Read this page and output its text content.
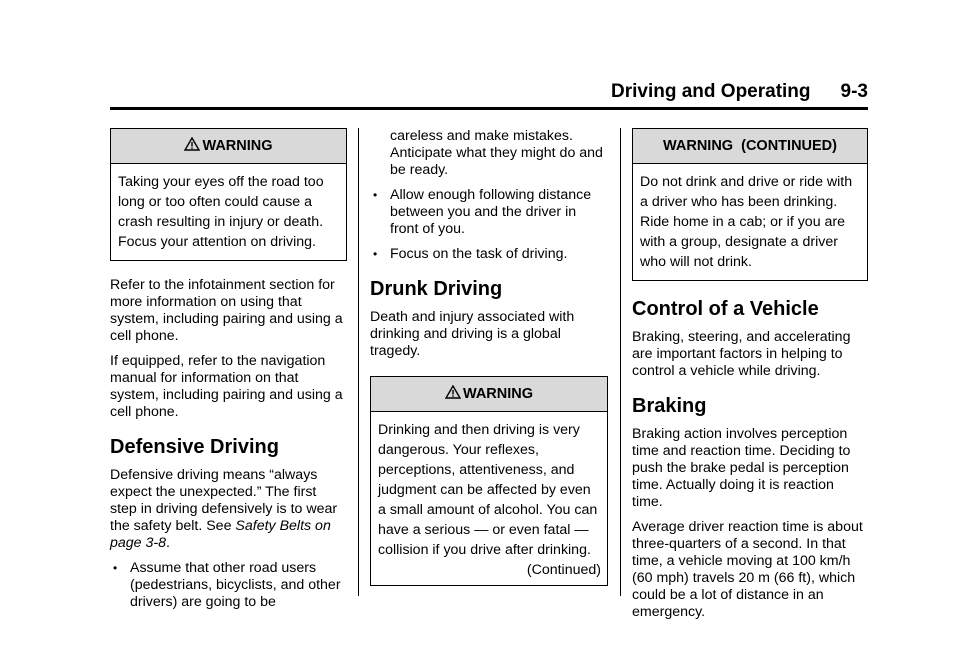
Driving and Operating 9-3
WARNING
Taking your eyes off the road too long or too often could cause a crash resulting in injury or death. Focus your attention on driving.

Refer to the infotainment section for more information on using that system, including pairing and using a cell phone.

If equipped, refer to the navigation manual for information on that system, including pairing and using a cell phone.

Defensive Driving

Defensive driving means “always expect the unexpected.” The first step in driving defensively is to wear the safety belt. See Safety Belts on page 3-8.

• Assume that other road users (pedestrians, bicyclists, and other drivers) are going to be
careless and make mistakes. Anticipate what they might do and be ready.
• Allow enough following distance between you and the driver in front of you.
• Focus on the task of driving.
Drunk Driving

Death and injury associated with drinking and driving is a global tragedy.

WARNING
Drinking and then driving is very dangerous. Your reflexes, perceptions, attentiveness, and judgment can be affected by even a small amount of alcohol. You can have a serious — or even fatal — collision if you drive after drinking.
(Continued)
WARNING  (CONTINUED)
Do not drink and drive or ride with a driver who has been drinking. Ride home in a cab; or if you are with a group, designate a driver who will not drink.
Control of a Vehicle

Braking, steering, and accelerating are important factors in helping to control a vehicle while driving.

Braking

Braking action involves perception time and reaction time. Deciding to push the brake pedal is perception time. Actually doing it is reaction time.

Average driver reaction time is about three-quarters of a second. In that time, a vehicle moving at 100 km/h (60 mph) travels 20 m (66 ft), which could be a lot of distance in an emergency.
